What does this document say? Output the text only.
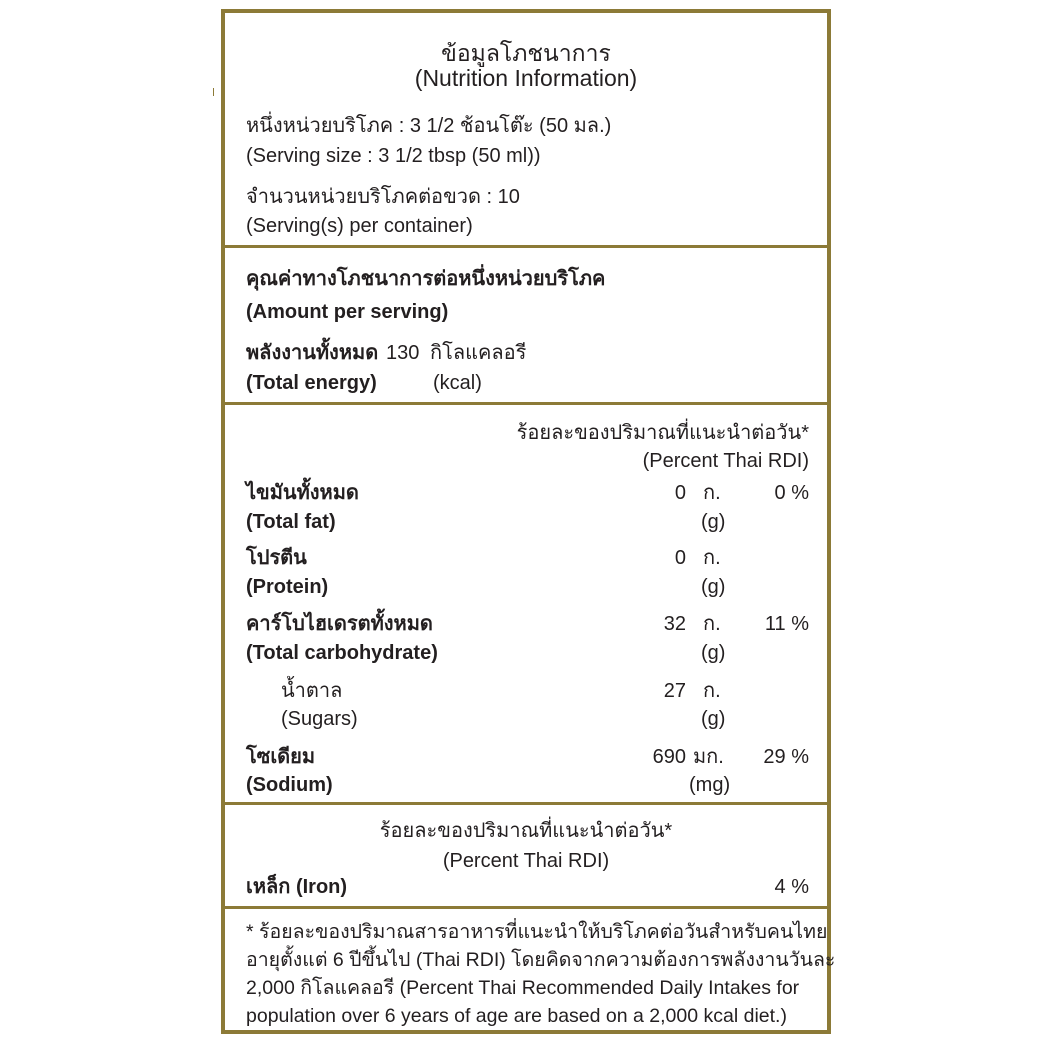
ข้อมูลโภชนาการ
(Nutrition Information)
หนึ่งหน่วยบริโภค : 3 1/2 ช้อนโต๊ะ (50 มล.)
(Serving size : 3 1/2 tbsp (50 ml))
จำนวนหน่วยบริโภคต่อขวด : 10
(Serving(s) per container)
คุณค่าทางโภชนาการต่อหนึ่งหน่วยบริโภค
(Amount per serving)
พลังงานทั้งหมด 130 กิโลแคลอรี
(Total energy)	(kcal)
ร้อยละของปริมาณที่แนะนำต่อวัน*
(Percent Thai RDI)
ไขมันทั้งหมด	0 ก.	0 %
(Total fat)	(g)
โปรตีน	0 ก.
(Protein)	(g)
คาร์โบไฮเดรตทั้งหมด	32 ก. 11 %
(Total carbohydrate)	(g)
น้ำตาล	27 ก.
(Sugars)	(g)
โซเดียม	690 มก. 29 %
(Sodium)	(mg)
ร้อยละของปริมาณที่แนะนำต่อวัน*
(Percent Thai RDI)
เหล็ก (Iron)	4 %
* ร้อยละของปริมาณสารอาหารที่แนะนำให้บริโภคต่อวันสำหรับคนไทย
อายุตั้งแต่ 6 ปีขึ้นไป (Thai RDI) โดยคิดจากความต้องการพลังงานวันละ
2,000 กิโลแคลอรี (Percent Thai Recommended Daily Intakes for
population over 6 years of age are based on a 2,000 kcal diet.)
